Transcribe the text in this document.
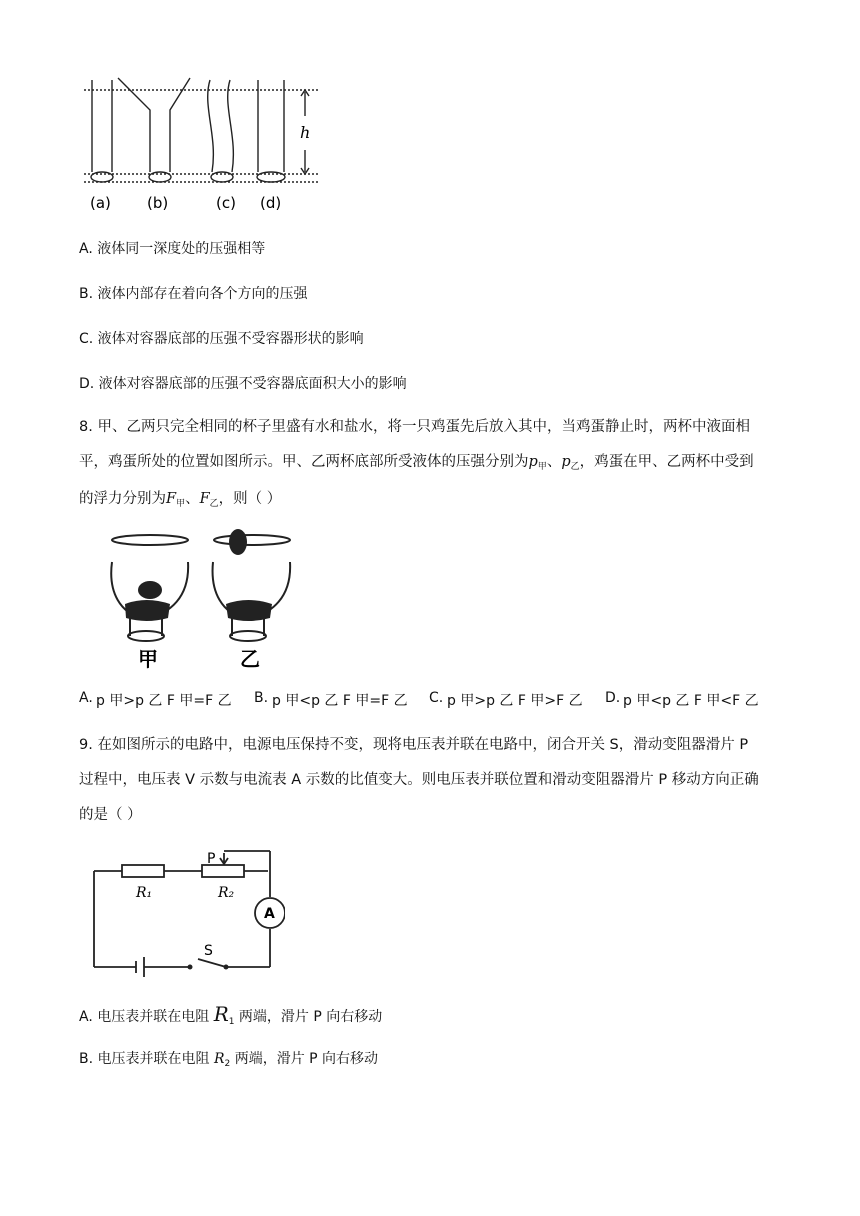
h
(a) (b)	(c) (d)
A. 液体同一深度处的压强相等
B. 液体内部存在着向各个方向的压强
C. 液体对容器底部的压强不受容器形状的影响
D. 液体对容器底部的压强不受容器底面积大小的影响

8. 甲、乙两只完全相同的杯子里盛有水和盐水，将一只鸡蛋先后放入其中，当鸡蛋静止时，两杯中液面相

平，鸡蛋所处的位置如图所示。甲、乙两杯底部所受液体的压强分别为$p_甲$、$p_乙$，鸡蛋在甲、乙两杯中受到

的浮力分别为$F_甲$、$F_乙$，则（ ）

甲	乙
p 甲>p 乙 F 甲=F 乙
A.	p 甲<p 乙 F 甲=F 乙
B.	p 甲>p 乙 F 甲>F 乙
C.	p 甲<p 乙 F 甲<F 乙
D.

9. 在如图所示的电路中，电源电压保持不变，现将电压表并联在电路中，闭合开关 S，滑动变阻器滑片 P

过程中，电压表 V 示数与电流表 A 示数的比值变大。则电压表并联位置和滑动变阻器滑片 P 移动方向正确

的是（ ）

P
R₁	R₂
A
S
A. 电压表并联在电阻 $R_1$ 两端，滑片 P 向右移动
B. 电压表并联在电阻 $R_2$ 两端，滑片 P 向右移动
